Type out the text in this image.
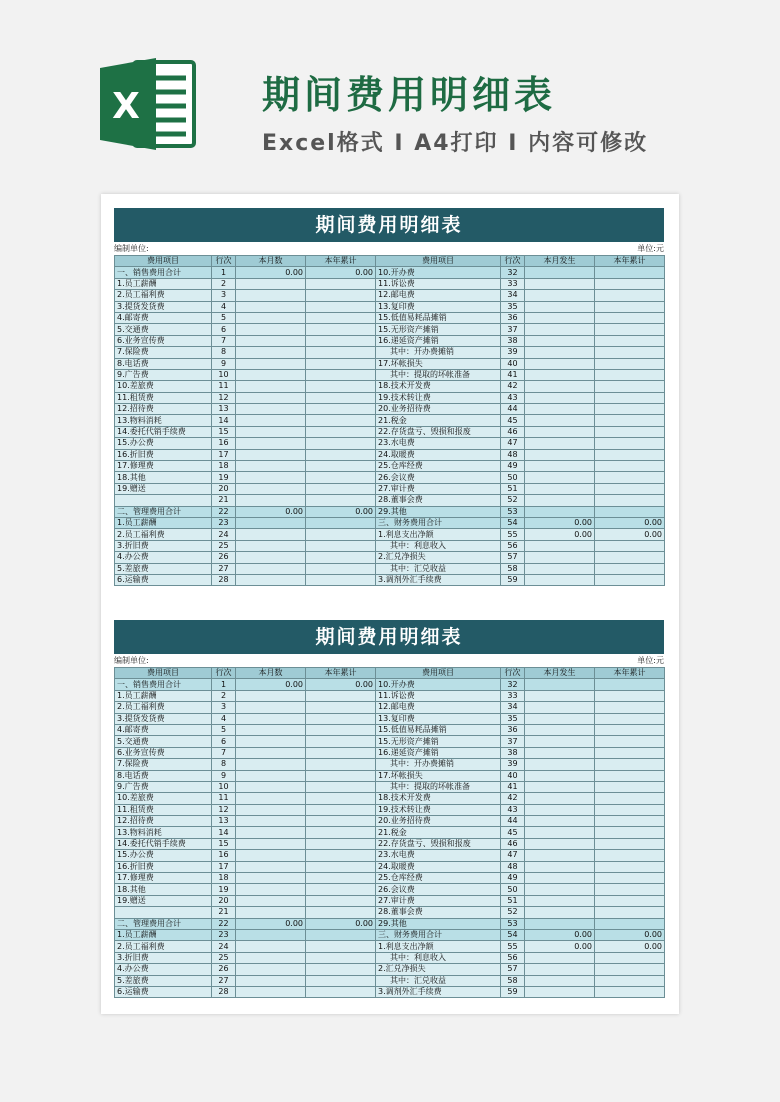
X	期间费用明细表
Excel格式 Ⅰ A4打印 Ⅰ 内容可修改
期间费用明细表
编制单位:	单位:元
费用项目	行次	本月数	本年累计	费用项目	行次	本月发生	本年累计
一、销售费用合计	1	0.00	0.00	10.开办费	32		
1.员工薪酬	2			11.诉讼费	33		
2.员工福利费	3			12.邮电费	34		
3.提货发货费	4			13.复印费	35		
4.邮寄费	5			15.低值易耗品摊销	36		
5.交通费	6			15.无形资产摊销	37		
6.业务宣传费	7			16.递延资产摊销	38		
7.保险费	8			其中：开办费摊销	39		
8.电话费	9			17.坏帐损失	40		
9.广告费	10			其中：提取的坏帐准备	41		
10.差旅费	11			18.技术开发费	42		
11.租赁费	12			19.技术转让费	43		
12.招待费	13			20.业务招待费	44		
13.物料消耗	14			21.税金	45		
14.委托代销手续费	15			22.存货盘亏、毁损和报废	46		
15.办公费	16			23.水电费	47		
16.折旧费	17			24.取暖费	48		
17.修理费	18			25.仓库经费	49		
18.其他	19			26.会议费	50		
19.赠送	20			27.审计费	51		
	21			28.董事会费	52		
二、管理费用合计	22	0.00	0.00	29.其他	53		
1.员工薪酬	23			三、财务费用合计	54	0.00	0.00
2.员工福利费	24			1.利息支出净额	55	0.00	0.00
3.折旧费	25			其中：利息收入	56		
4.办公费	26			2.汇兑净损失	57		
5.差旅费	27			其中：汇兑收益	58		
6.运输费	28			3.调剂外汇手续费	59		
期间费用明细表
编制单位:	单位:元
费用项目	行次	本月数	本年累计	费用项目	行次	本月发生	本年累计
一、销售费用合计	1	0.00	0.00	10.开办费	32		
1.员工薪酬	2			11.诉讼费	33		
2.员工福利费	3			12.邮电费	34		
3.提货发货费	4			13.复印费	35		
4.邮寄费	5			15.低值易耗品摊销	36		
5.交通费	6			15.无形资产摊销	37		
6.业务宣传费	7			16.递延资产摊销	38		
7.保险费	8			其中：开办费摊销	39		
8.电话费	9			17.坏帐损失	40		
9.广告费	10			其中：提取的坏帐准备	41		
10.差旅费	11			18.技术开发费	42		
11.租赁费	12			19.技术转让费	43		
12.招待费	13			20.业务招待费	44		
13.物料消耗	14			21.税金	45		
14.委托代销手续费	15			22.存货盘亏、毁损和报废	46		
15.办公费	16			23.水电费	47		
16.折旧费	17			24.取暖费	48		
17.修理费	18			25.仓库经费	49		
18.其他	19			26.会议费	50		
19.赠送	20			27.审计费	51		
	21			28.董事会费	52		
二、管理费用合计	22	0.00	0.00	29.其他	53		
1.员工薪酬	23			三、财务费用合计	54	0.00	0.00
2.员工福利费	24			1.利息支出净额	55	0.00	0.00
3.折旧费	25			其中：利息收入	56		
4.办公费	26			2.汇兑净损失	57		
5.差旅费	27			其中：汇兑收益	58		
6.运输费	28			3.调剂外汇手续费	59		
